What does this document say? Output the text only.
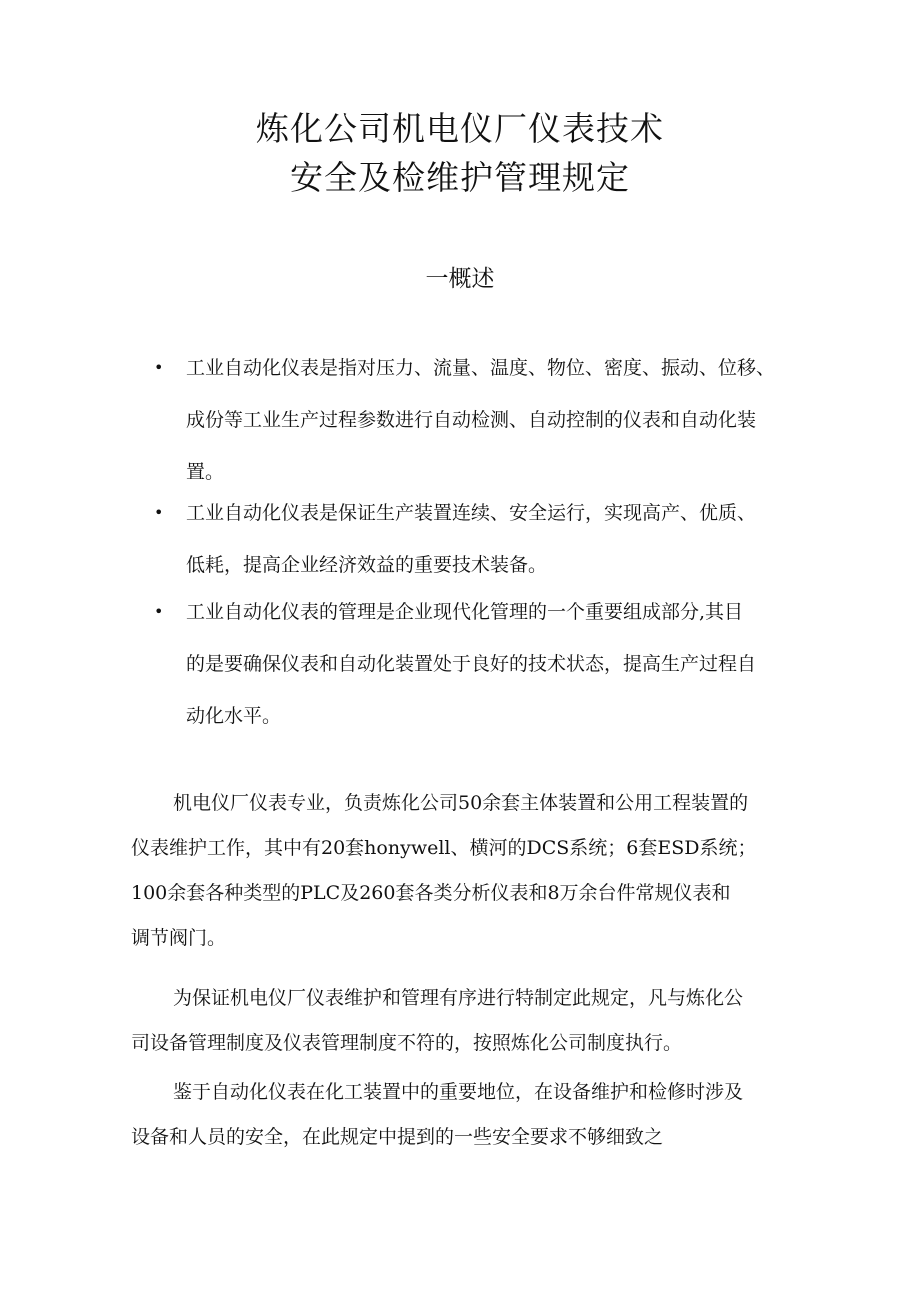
炼化公司机电仪厂仪表技术
安全及检维护管理规定
一概述
• 工业自动化仪表是指对压力、流量、温度、物位、密度、振动、位移、
成份等工业生产过程参数进行自动检测、自动控制的仪表和自动化装
置。
• 工业自动化仪表是保证生产装置连续、安全运行，实现高产、优质、
低耗，提高企业经济效益的重要技术装备。
• 工业自动化仪表的管理是企业现代化管理的一个重要组成部分,其目
的是要确保仪表和自动化装置处于良好的技术状态，提高生产过程自
动化水平。
机电仪厂仪表专业，负责炼化公司50余套主体装置和公用工程装置的
仪表维护工作，其中有20套honywell、横河的DCS系统；6套ESD系统；
100余套各种类型的PLC及260套各类分析仪表和8万余台件常规仪表和
调节阀门。
为保证机电仪厂仪表维护和管理有序进行特制定此规定，凡与炼化公
司设备管理制度及仪表管理制度不符的，按照炼化公司制度执行。
鉴于自动化仪表在化工装置中的重要地位，在设备维护和检修时涉及
设备和人员的安全，在此规定中提到的一些安全要求不够细致之
